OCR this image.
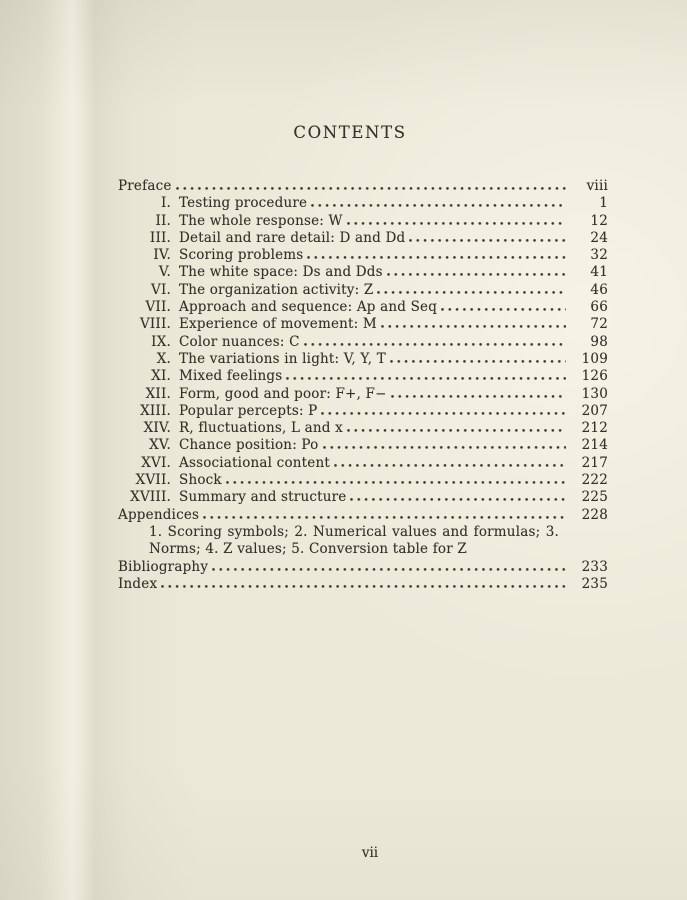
CONTENTS
Preface	viii
I. Testing procedure	1
II. The whole response: W	12
III. Detail and rare detail: D and Dd	24
IV. Scoring problems	32
V. The white space: Ds and Dds	41
VI. The organization activity: Z	46
VII. Approach and sequence: Ap and Seq	66
VIII. Experience of movement: M	72
IX. Color nuances: C	98
X. The variations in light: V, Y, T	109
XI. Mixed feelings	126
XII. Form, good and poor: F+, F−	130
XIII. Popular percepts: P	207
XIV. R, fluctuations, L and x	212
XV. Chance position: Po	214
XVI. Associational content	217
XVII. Shock	222
XVIII. Summary and structure	225
Appendices	228
1. Scoring symbols; 2. Numerical values and formulas; 3.
Norms; 4. Z values; 5. Conversion table for Z
Bibliography	233
Index	235
vii
